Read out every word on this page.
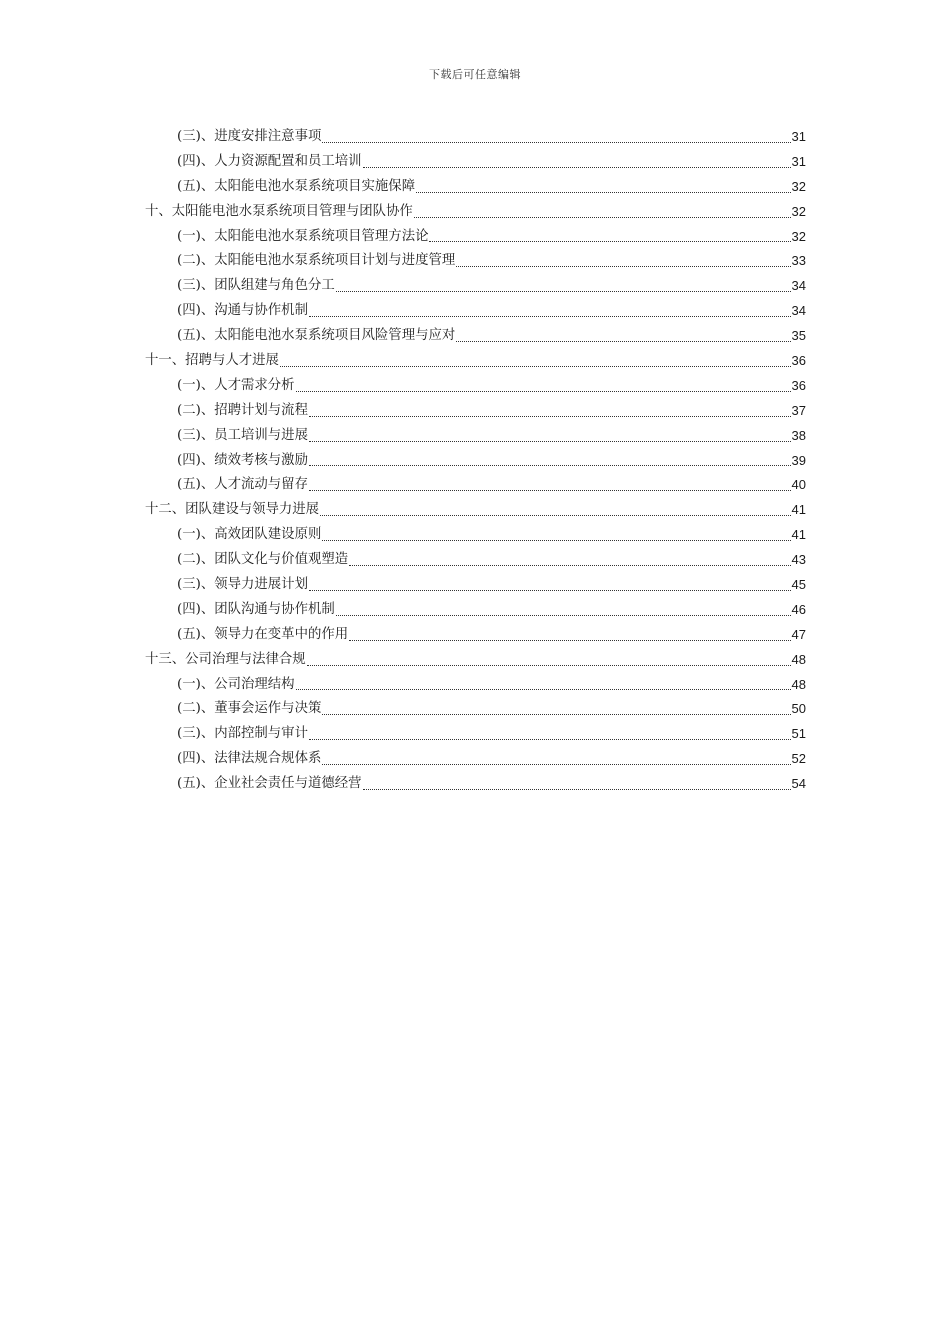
下载后可任意编辑
(三)、进度安排注意事项	31
(四)、人力资源配置和员工培训	31
(五)、太阳能电池水泵系统项目实施保障	32
十、太阳能电池水泵系统项目管理与团队协作	32
(一)、太阳能电池水泵系统项目管理方法论	32
(二)、太阳能电池水泵系统项目计划与进度管理	33
(三)、团队组建与角色分工	34
(四)、沟通与协作机制	34
(五)、太阳能电池水泵系统项目风险管理与应对	35
十一、招聘与人才进展	36
(一)、人才需求分析	36
(二)、招聘计划与流程	37
(三)、员工培训与进展	38
(四)、绩效考核与激励	39
(五)、人才流动与留存	40
十二、团队建设与领导力进展	41
(一)、高效团队建设原则	41
(二)、团队文化与价值观塑造	43
(三)、领导力进展计划	45
(四)、团队沟通与协作机制	46
(五)、领导力在变革中的作用	47
十三、公司治理与法律合规	48
(一)、公司治理结构	48
(二)、董事会运作与决策	50
(三)、内部控制与审计	51
(四)、法律法规合规体系	52
(五)、企业社会责任与道德经营	54
